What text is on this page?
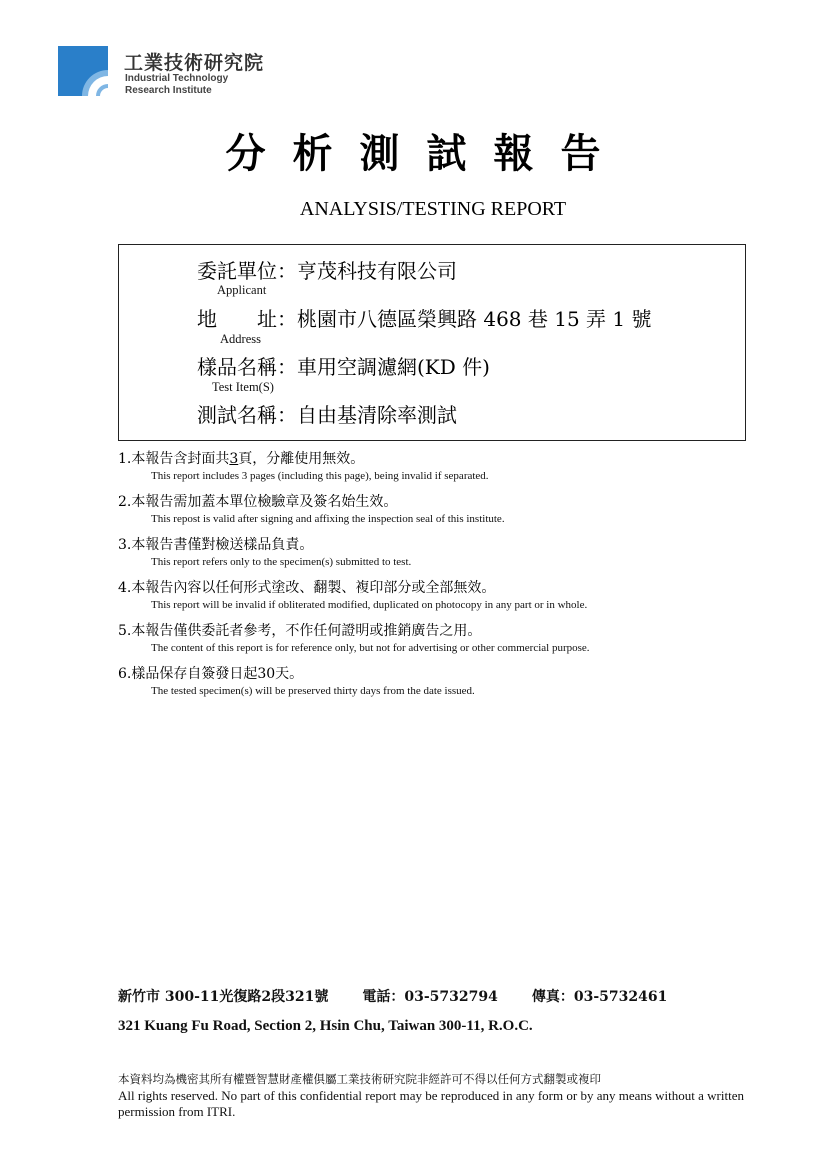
工業技術研究院
Industrial Technology
Research Institute
分析測試報告
ANALYSIS/TESTING REPORT
委託單位：亨茂科技有限公司
Applicant
地　　址：桃園市八德區榮興路 468 巷 15 弄 1 號
Address
樣品名稱：車用空調濾網(KD 件)
Test Item(S)
測試名稱：自由基清除率測試
1.本報告含封面共3頁，分離使用無效。
This report includes 3 pages (including this page), being invalid if separated.
2.本報告需加蓋本單位檢驗章及簽名始生效。
This repost is valid after signing and affixing the inspection seal of this institute.
3.本報告書僅對檢送樣品負責。
This report refers only to the specimen(s) submitted to test.
4.本報告內容以任何形式塗改、翻製、複印部分或全部無效。
This report will be invalid if obliterated modified, duplicated on photocopy in any part or in whole.
5.本報告僅供委託者參考，不作任何證明或推銷廣告之用。
The content of this report is for reference only, but not for advertising or other commercial purpose.
6.樣品保存自簽發日起30天。
The tested specimen(s) will be preserved thirty days from the date issued.
新竹市 300-11光復路2段321號 電話：03-5732794 傳真：03-5732461
321 Kuang Fu Road, Section 2, Hsin Chu, Taiwan 300-11, R.O.C.
本資料均為機密其所有權暨智慧財產權俱屬工業技術研究院非經許可不得以任何方式翻製或複印
All rights reserved. No part of this confidential report may be reproduced in any form or by any means without a written permission from ITRI.
